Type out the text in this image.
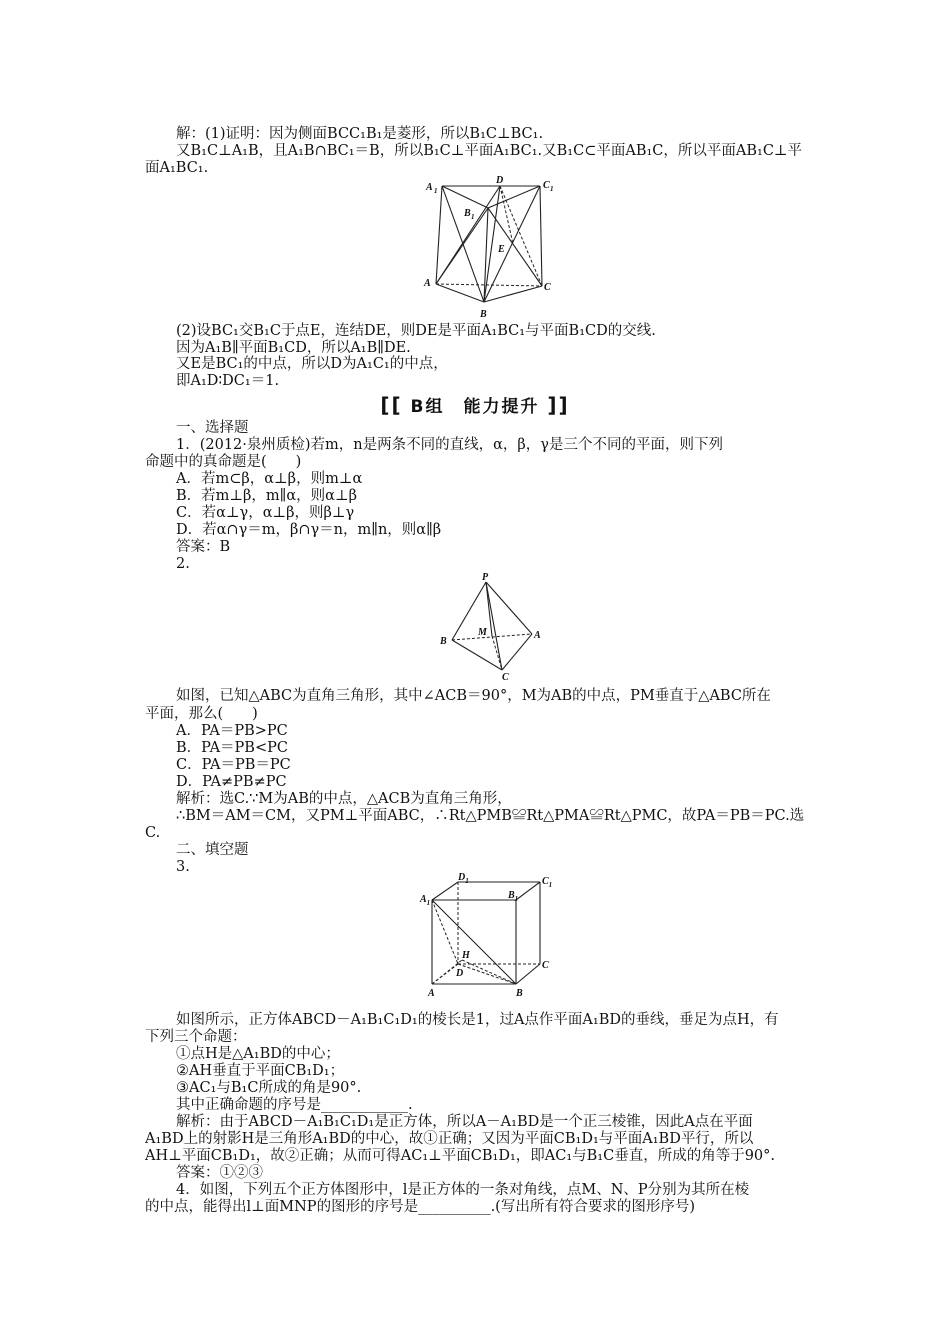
解：(1)证明：因为侧面BCC₁B₁是菱形，所以B₁C⊥BC₁.
又B₁C⊥A₁B，且A₁B∩BC₁＝B，所以B₁C⊥平面A₁BC₁.又B₁C⊂平面AB₁C，所以平面AB₁C⊥平
面A₁BC₁.
A 1
D	C 1
B 1
E
A
B
C
(2)设BC₁交B₁C于点E，连结DE，则DE是平面A₁BC₁与平面B₁CD的交线.
因为A₁B∥平面B₁CD，所以A₁B∥DE.
又E是BC₁的中点，所以D为A₁C₁的中点，
即A₁D∶DC₁＝1.
[[ B组　能力提升 ]]
一、选择题
1．(2012·泉州质检)若m，n是两条不同的直线，α，β，γ是三个不同的平面，则下列
命题中的真命题是(　　)
A．若m⊂β，α⊥β，则m⊥α
B．若m⊥β，m∥α，则α⊥β
C．若α⊥γ，α⊥β，则β⊥γ
D．若α∩γ＝m，β∩γ＝n，m∥n，则α∥β
答案：B
2.
P
B
M	A
C
如图，已知△ABC为直角三角形，其中∠ACB＝90°，M为AB的中点，PM垂直于△ABC所在
平面，那么(　　)
A．PA＝PB>PC
B．PA＝PB<PC
C．PA＝PB＝PC
D．PA≠PB≠PC
解析：选C.∵M为AB的中点，△ACB为直角三角形，
∴BM＝AM＝CM，又PM⊥平面ABC，∴Rt△PMB≌Rt△PMA≌Rt△PMC，故PA＝PB＝PC.选
C.
二、填空题
3.
$A_1$
$D_1$	$C_1$
$B_1$
H
D
C
A	B
如图所示，正方体ABCD－A₁B₁C₁D₁的棱长是1，过A点作平面A₁BD的垂线，垂足为点H，有
下列三个命题：
①点H是△A₁BD的中心；
②AH垂直于平面CB₁D₁；
③AC₁与B₁C所成的角是90°.
其中正确命题的序号是____________.
解析：由于ABCD－A₁B₁C₁D₁是正方体，所以A－A₁BD是一个正三棱锥，因此A点在平面
A₁BD上的射影H是三角形A₁BD的中心，故①正确；又因为平面CB₁D₁与平面A₁BD平行，所以
AH⊥平面CB₁D₁，故②正确；从而可得AC₁⊥平面CB₁D₁，即AC₁与B₁C垂直，所成的角等于90°.
答案：①②③
4．如图，下列五个正方体图形中，l是正方体的一条对角线，点M、N、P分别为其所在棱
的中点，能得出l⊥面MNP的图形的序号是__________.(写出所有符合要求的图形序号)
